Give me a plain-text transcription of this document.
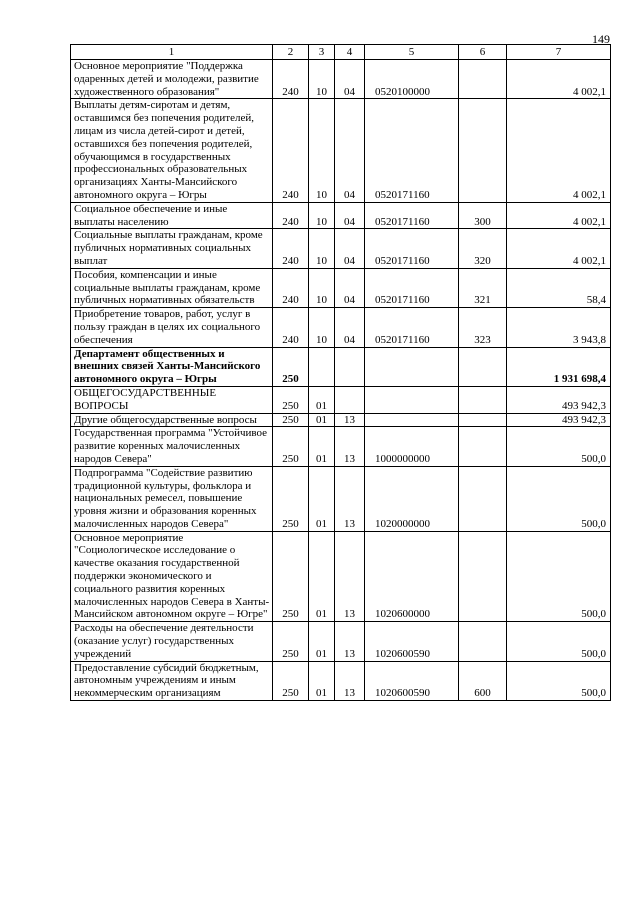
149
1	2	3	4	5	6	7
Основное мероприятие "Поддержка одаренных детей и молодежи, развитие художественного образования"	240	10	04	0520100000		4 002,1
Выплаты детям-сиротам и детям, оставшимся без попечения родителей, лицам из числа детей-сирот и детей, оставшихся без попечения родителей, обучающимся в государственных профессиональных образовательных организациях Ханты-Мансийского автономного округа – Югры	240	10	04	0520171160		4 002,1
Социальное обеспечение и иные выплаты населению	240	10	04	0520171160	300	4 002,1
Социальные выплаты гражданам, кроме публичных нормативных социальных выплат	240	10	04	0520171160	320	4 002,1
Пособия, компенсации и иные социальные выплаты гражданам, кроме публичных нормативных обязательств	240	10	04	0520171160	321	58,4
Приобретение товаров, работ, услуг в пользу граждан в целях их социального обеспечения	240	10	04	0520171160	323	3 943,8
Департамент общественных и внешних связей Ханты-Мансийского автономного округа – Югры	250					1 931 698,4
ОБЩЕГОСУДАРСТВЕННЫЕ ВОПРОСЫ	250	01				493 942,3
Другие общегосударственные вопросы	250	01	13			493 942,3
Государственная программа "Устойчивое развитие коренных малочисленных народов Севера"	250	01	13	1000000000		500,0
Подпрограмма "Содействие развитию традиционной культуры, фольклора и национальных ремесел, повышение уровня жизни и образования коренных малочисленных народов Севера"	250	01	13	1020000000		500,0
Основное мероприятие "Социологическое исследование о качестве оказания государственной поддержки экономического и социального развития коренных малочисленных народов Севера в Ханты-Мансийском автономном округе – Югре"	250	01	13	1020600000		500,0
Расходы на обеспечение деятельности (оказание услуг) государственных учреждений	250	01	13	1020600590		500,0
Предоставление субсидий бюджетным, автономным учреждениям и иным некоммерческим организациям	250	01	13	1020600590	600	500,0
